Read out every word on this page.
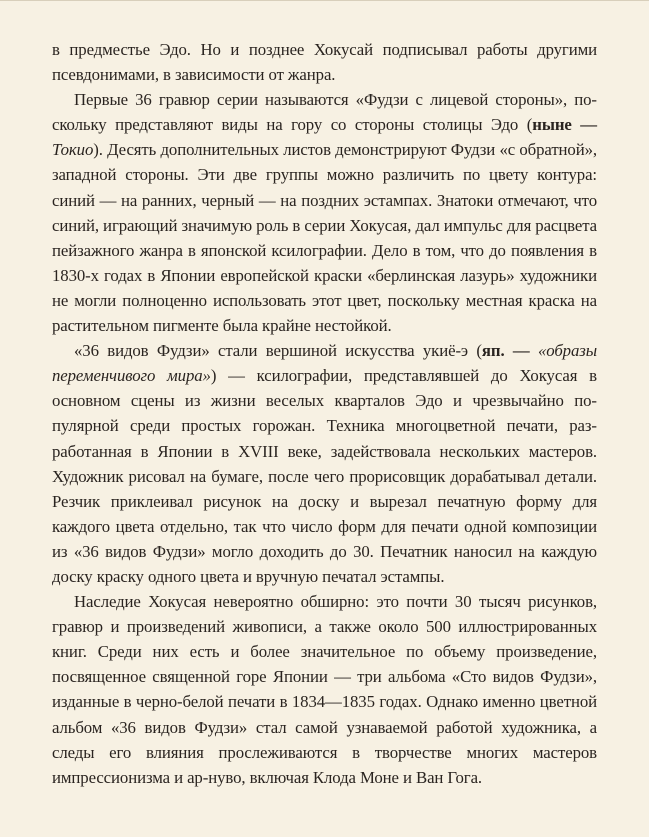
в предместье Эдо. Но и позднее Хокусай подписывал работы другими
псевдонимами, в зависимости от жанра.

Первые 36 гравюр серии называются «Фудзи с лицевой стороны», поскольку представляют виды на гору со стороны столицы Эдо (ныне — Токио). Десять дополнительных листов демонстрируют Фудзи «с обратной», западной стороны. Эти две группы можно различить по цвету контура: синий — на ранних, черный — на поздних эстампах. Знатоки отмечают, что синий, играющий значимую роль в серии Хокусая, дал импульс для расцвета пейзажного жанра в японской ксилографии. Дело в том, что до появления в 1830-х годах в Японии европейской краски «берлинская лазурь» художники не могли полноценно использовать этот цвет, поскольку местная краска на растительном пигменте была крайне нестойкой.

«36 видов Фудзи» стали вершиной искусства укиё-э (яп. — «образы переменчивого мира») — ксилографии, представлявшей до Хокусая в основном сцены из жизни веселых кварталов Эдо и чрезвычайно популярной среди простых горожан. Техника многоцветной печати, разработанная в Японии в XVIII веке, задействовала нескольких мастеров. Художник рисовал на бумаге, после чего прорисовщик дорабатывал детали. Резчик приклеивал рисунок на доску и вырезал печатную форму для каждого цвета отдельно, так что число форм для печати одной композиции из «36 видов Фудзи» могло доходить до 30. Печатник наносил на каждую доску краску одного цвета и вручную печатал эстампы.

Наследие Хокусая невероятно обширно: это почти 30 тысяч рисунков, гравюр и произведений живописи, а также около 500 иллюстрированных книг. Среди них есть и более значительное по объему произведение, посвященное священной горе Японии — три альбома «Сто видов Фудзи», изданные в черно-белой печати в 1834—1835 годах. Однако именно цветной альбом «36 видов Фудзи» стал самой узнаваемой работой художника, а следы его влияния прослеживаются в творчестве многих мастеров импрессионизма и ар-нуво, включая Клода Моне и Ван Гога.
